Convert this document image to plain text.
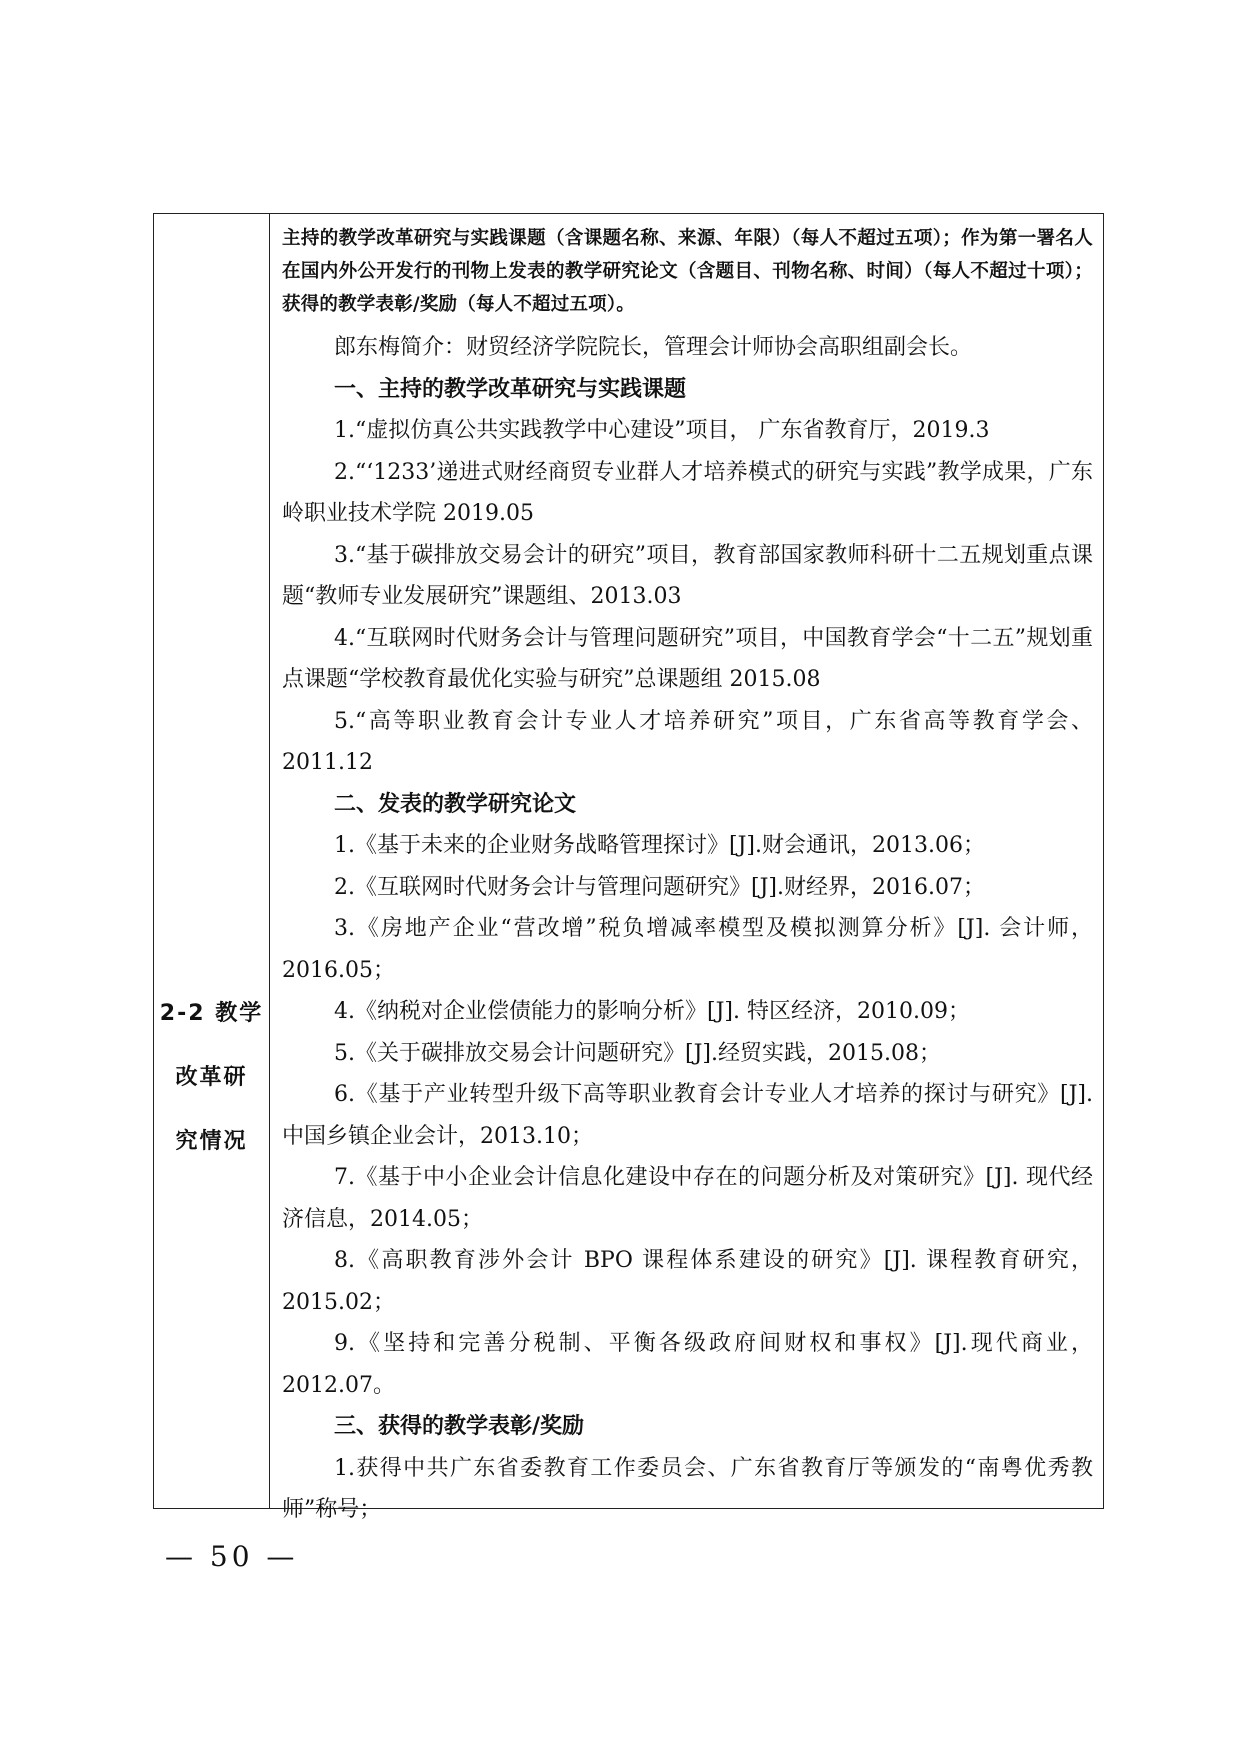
2-2 教学
改革研
究情况
主持的教学改革研究与实践课题（含课题名称、来源、年限）（每人不超过五项）；作为第一署名人在国内外公开发行的刊物上发表的教学研究论文（含题目、刊物名称、时间）（每人不超过十项）；获得的教学表彰/奖励（每人不超过五项）。

郎东梅简介：财贸经济学院院长，管理会计师协会高职组副会长。

一、主持的教学改革研究与实践课题

1.“虚拟仿真公共实践教学中心建设”项目， 广东省教育厅，2019.3

2.“‘1233’递进式财经商贸专业群人才培养模式的研究与实践”教学成果，广东岭职业技术学院 2019.05

3.“基于碳排放交易会计的研究”项目，教育部国家教师科研十二五规划重点课题“教师专业发展研究”课题组、2013.03

4.“互联网时代财务会计与管理问题研究”项目，中国教育学会“十二五”规划重点课题“学校教育最优化实验与研究”总课题组 2015.08

5.“高等职业教育会计专业人才培养研究”项目，广东省高等教育学会、2011.12

二、发表的教学研究论文

1.《基于未来的企业财务战略管理探讨》[J].财会通讯，2013.06；

2.《互联网时代财务会计与管理问题研究》[J].财经界，2016.07；

3.《房地产企业“营改增”税负增减率模型及模拟测算分析》[J]. 会计师，2016.05；

4.《纳税对企业偿债能力的影响分析》[J]. 特区经济，2010.09；

5.《关于碳排放交易会计问题研究》[J].经贸实践，2015.08；

6.《基于产业转型升级下高等职业教育会计专业人才培养的探讨与研究》[J]. 中国乡镇企业会计，2013.10；

7.《基于中小企业会计信息化建设中存在的问题分析及对策研究》[J]. 现代经济信息，2014.05；

8.《高职教育涉外会计 BPO 课程体系建设的研究》[J]. 课程教育研究，2015.02；

9.《坚持和完善分税制、平衡各级政府间财权和事权》[J].现代商业，2012.07。

三、获得的教学表彰/奖励

1.获得中共广东省委教育工作委员会、广东省教育厅等颁发的“南粤优秀教师”称号；

— 50 —
